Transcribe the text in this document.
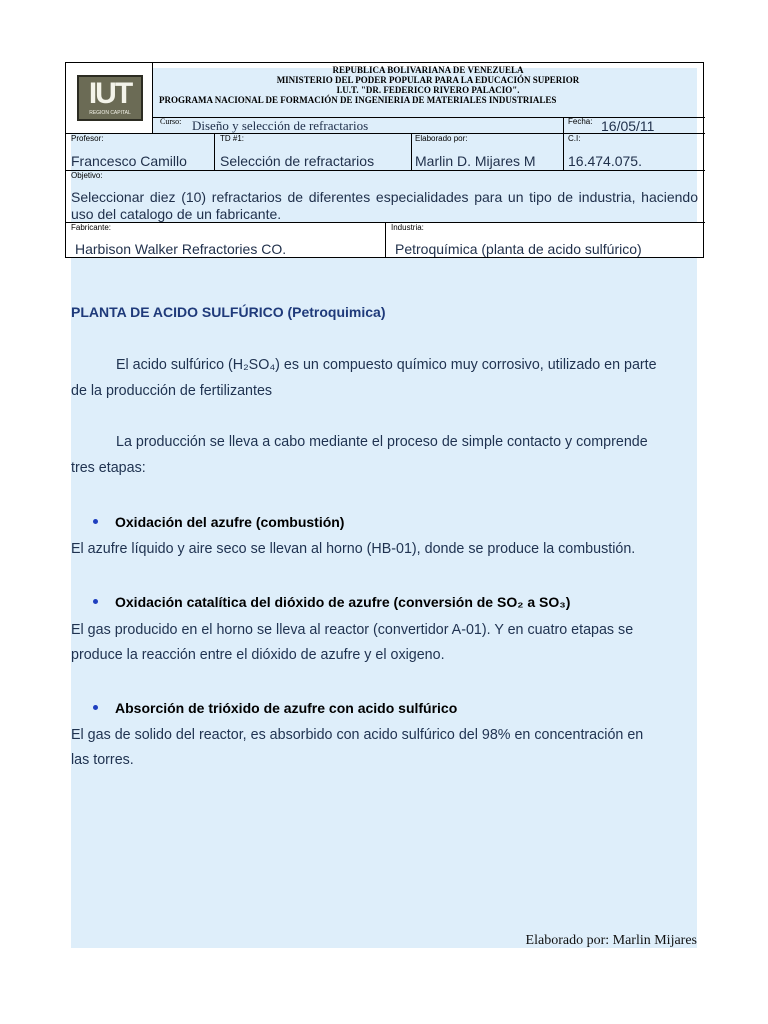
IUT
REGION CAPITAL
REPUBLICA BOLIVARIANA DE VENEZUELA
MINISTERIO DEL PODER POPULAR PARA LA EDUCACIÓN SUPERIOR
I.U.T. "DR. FEDERICO RIVERO PALACIO".
PROGRAMA NACIONAL DE FORMACIÓN DE INGENIERIA DE MATERIALES INDUSTRIALES
Curso: Diseño y selección de refractarios	Fecha: 16/05/11
Profesor:
Francesco Camillo
TD #1:
Selección de refractarios
Elaborado por:
Marlin D. Mijares M
C.I:
16.474.075.
Objetivo:
Seleccionar diez (10) refractarios de diferentes especialidades para un tipo de industria, haciendo uso del catalogo de un fabricante.
Fabricante:
Harbison Walker Refractories CO.
Industria:
Petroquímica (planta de acido sulfúrico)
PLANTA DE ACIDO SULFÚRICO (Petroquimica)
El acido sulfúrico (H₂SO₄) es un compuesto químico muy corrosivo, utilizado en parte
de la producción de fertilizantes
La producción se lleva a cabo mediante el proceso de simple contacto y comprende
tres etapas:
Oxidación del azufre (combustión)
El azufre líquido y aire seco se llevan al horno (HB-01), donde se produce la combustión.
Oxidación catalítica del dióxido de azufre (conversión de SO₂ a SO₃)
El gas producido en el horno se lleva al reactor (convertidor A-01). Y en cuatro etapas se
produce la reacción entre el dióxido de azufre y el oxigeno.
Absorción de trióxido de azufre con acido sulfúrico
El gas de solido del reactor, es absorbido con acido sulfúrico del 98% en concentración en
las torres.
Elaborado por: Marlin Mijares
